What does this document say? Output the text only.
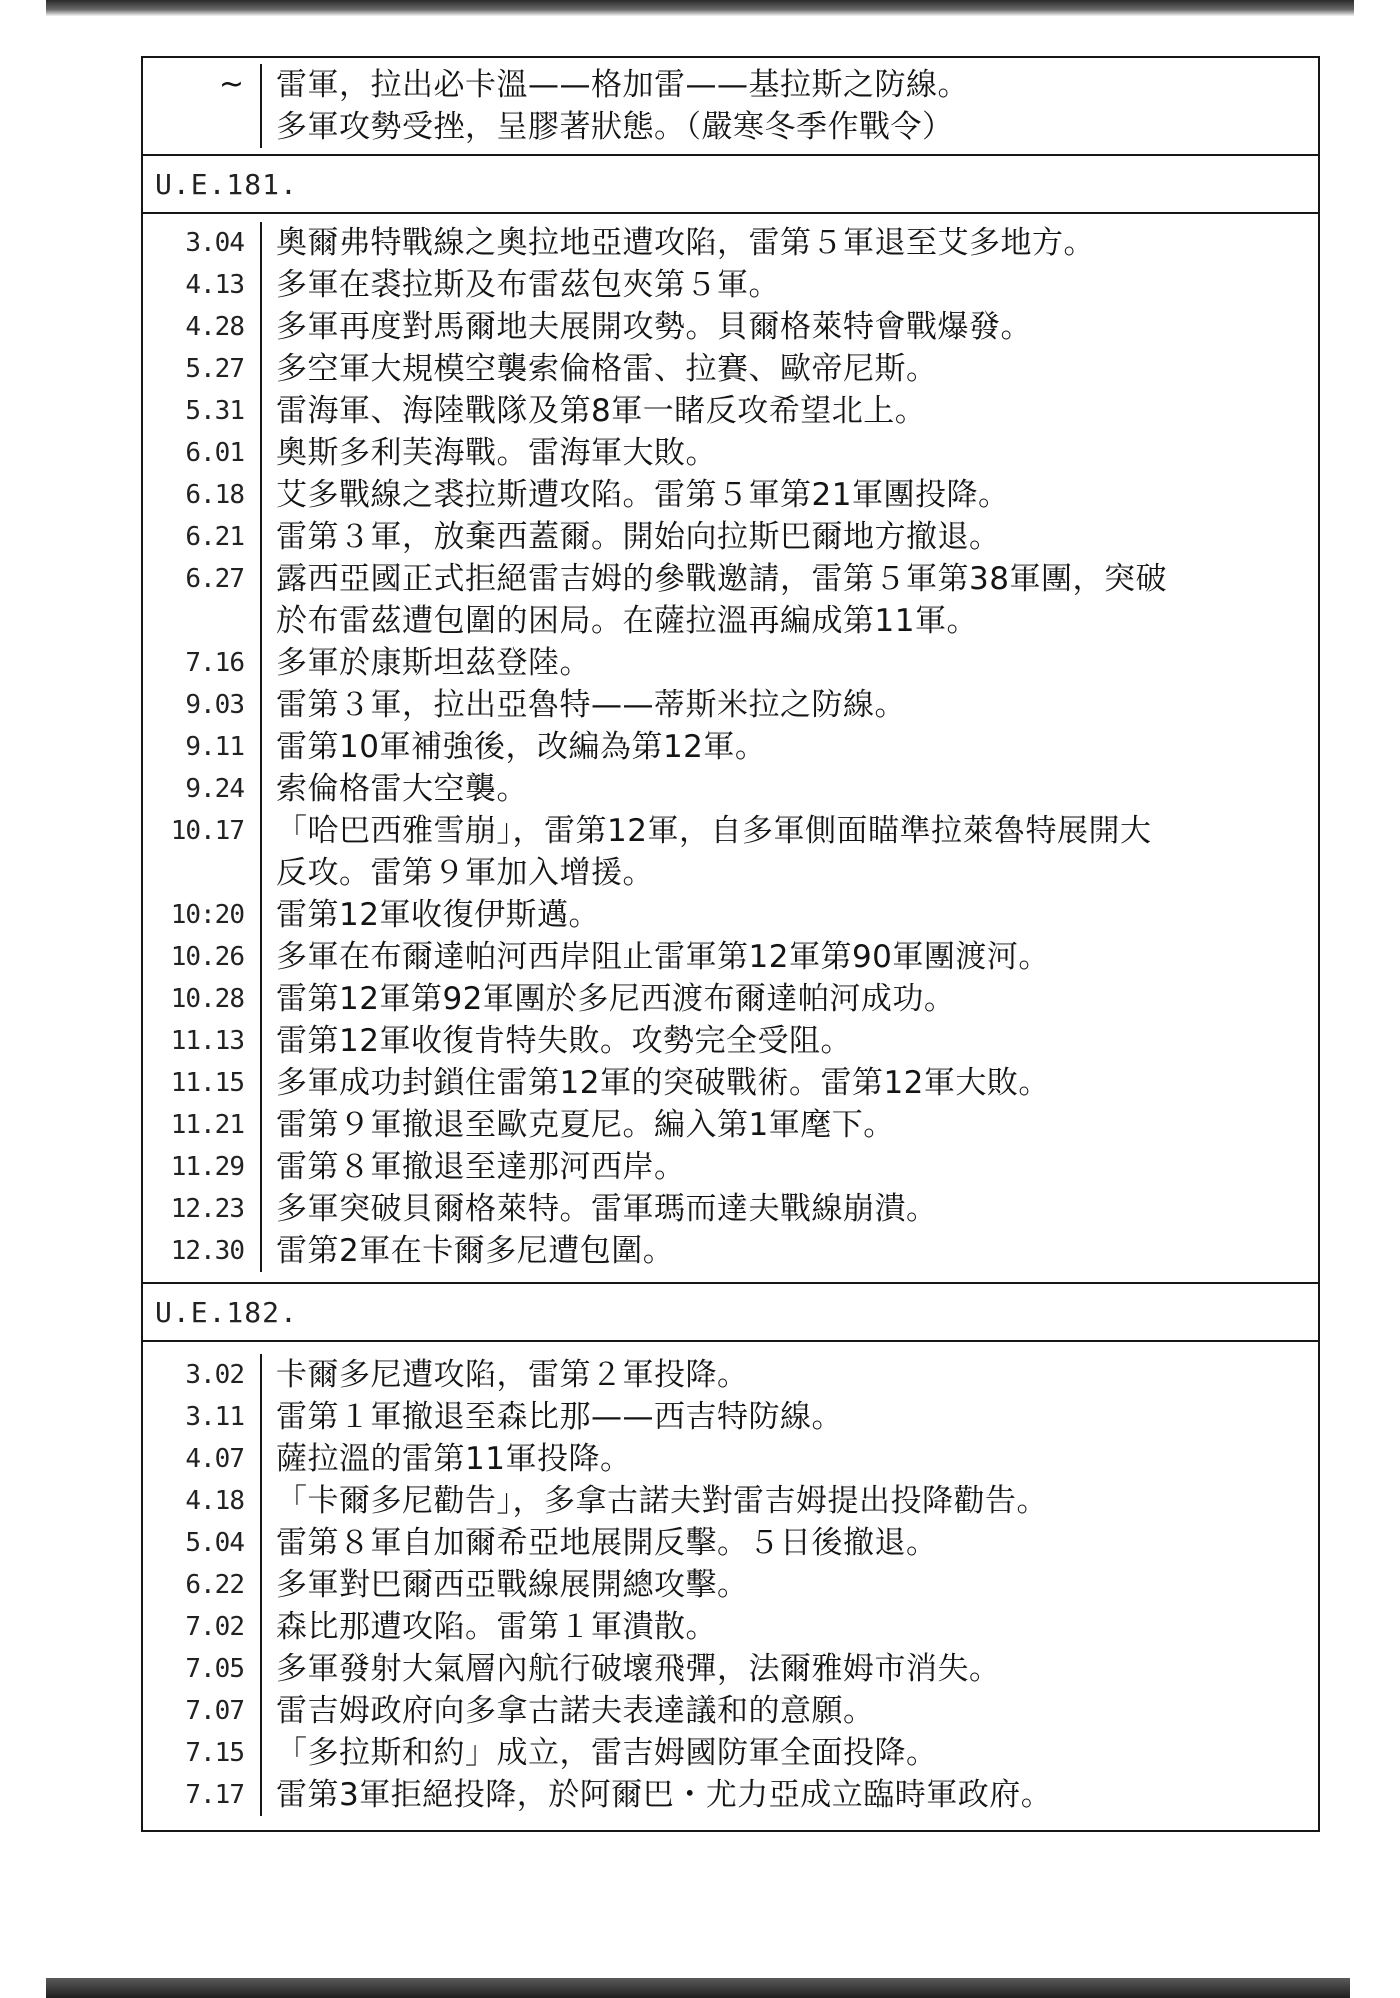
~ 雷軍，拉出必卡溫——格加雷——基拉斯之防線。
多軍攻勢受挫，呈膠著狀態。（嚴寒冬季作戰令）
U.E.181.
3.04
4.13
4.28
5.27
5.31
6.01
6.18
6.21
6.27
7.16
9.03
9.11
9.24
10.17
10:20
10.26
10.28
11.13
11.15
11.21
11.29
12.23
12.30
奧爾弗特戰線之奧拉地亞遭攻陷，雷第５軍退至艾多地方。
多軍在裘拉斯及布雷茲包夾第５軍。
多軍再度對馬爾地夫展開攻勢。貝爾格萊特會戰爆發。
多空軍大規模空襲索倫格雷、拉賽、歐帝尼斯。
雷海軍、海陸戰隊及第8軍一睹反攻希望北上。
奧斯多利芙海戰。雷海軍大敗。
艾多戰線之裘拉斯遭攻陷。雷第５軍第21軍團投降。
雷第３軍，放棄西蓋爾。開始向拉斯巴爾地方撤退。
露西亞國正式拒絕雷吉姆的參戰邀請，雷第５軍第38軍團，突破
於布雷茲遭包圍的困局。在薩拉溫再編成第11軍。
多軍於康斯坦茲登陸。
雷第３軍，拉出亞魯特——蒂斯米拉之防線。
雷第10軍補強後，改編為第12軍。
索倫格雷大空襲。
「哈巴西雅雪崩」，雷第12軍，自多軍側面瞄準拉萊魯特展開大
反攻。雷第９軍加入增援。
雷第12軍收復伊斯邁。
多軍在布爾達帕河西岸阻止雷軍第12軍第90軍團渡河。
雷第12軍第92軍團於多尼西渡布爾達帕河成功。
雷第12軍收復肯特失敗。攻勢完全受阻。
多軍成功封鎖住雷第12軍的突破戰術。雷第12軍大敗。
雷第９軍撤退至歐克夏尼。編入第1軍麾下。
雷第８軍撤退至達那河西岸。
多軍突破貝爾格萊特。雷軍瑪而達夫戰線崩潰。
雷第2軍在卡爾多尼遭包圍。
U.E.182.
3.02
3.11
4.07
4.18
5.04
6.22
7.02
7.05
7.07
7.15
7.17
卡爾多尼遭攻陷，雷第２軍投降。
雷第１軍撤退至森比那——西吉特防線。
薩拉溫的雷第11軍投降。
「卡爾多尼勸告」，多拿古諾夫對雷吉姆提出投降勸告。
雷第８軍自加爾希亞地展開反擊。５日後撤退。
多軍對巴爾西亞戰線展開總攻擊。
森比那遭攻陷。雷第１軍潰散。
多軍發射大氣層內航行破壞飛彈，法爾雅姆市消失。
雷吉姆政府向多拿古諾夫表達議和的意願。
「多拉斯和約」成立，雷吉姆國防軍全面投降。
雷第3軍拒絕投降，於阿爾巴・尤力亞成立臨時軍政府。
